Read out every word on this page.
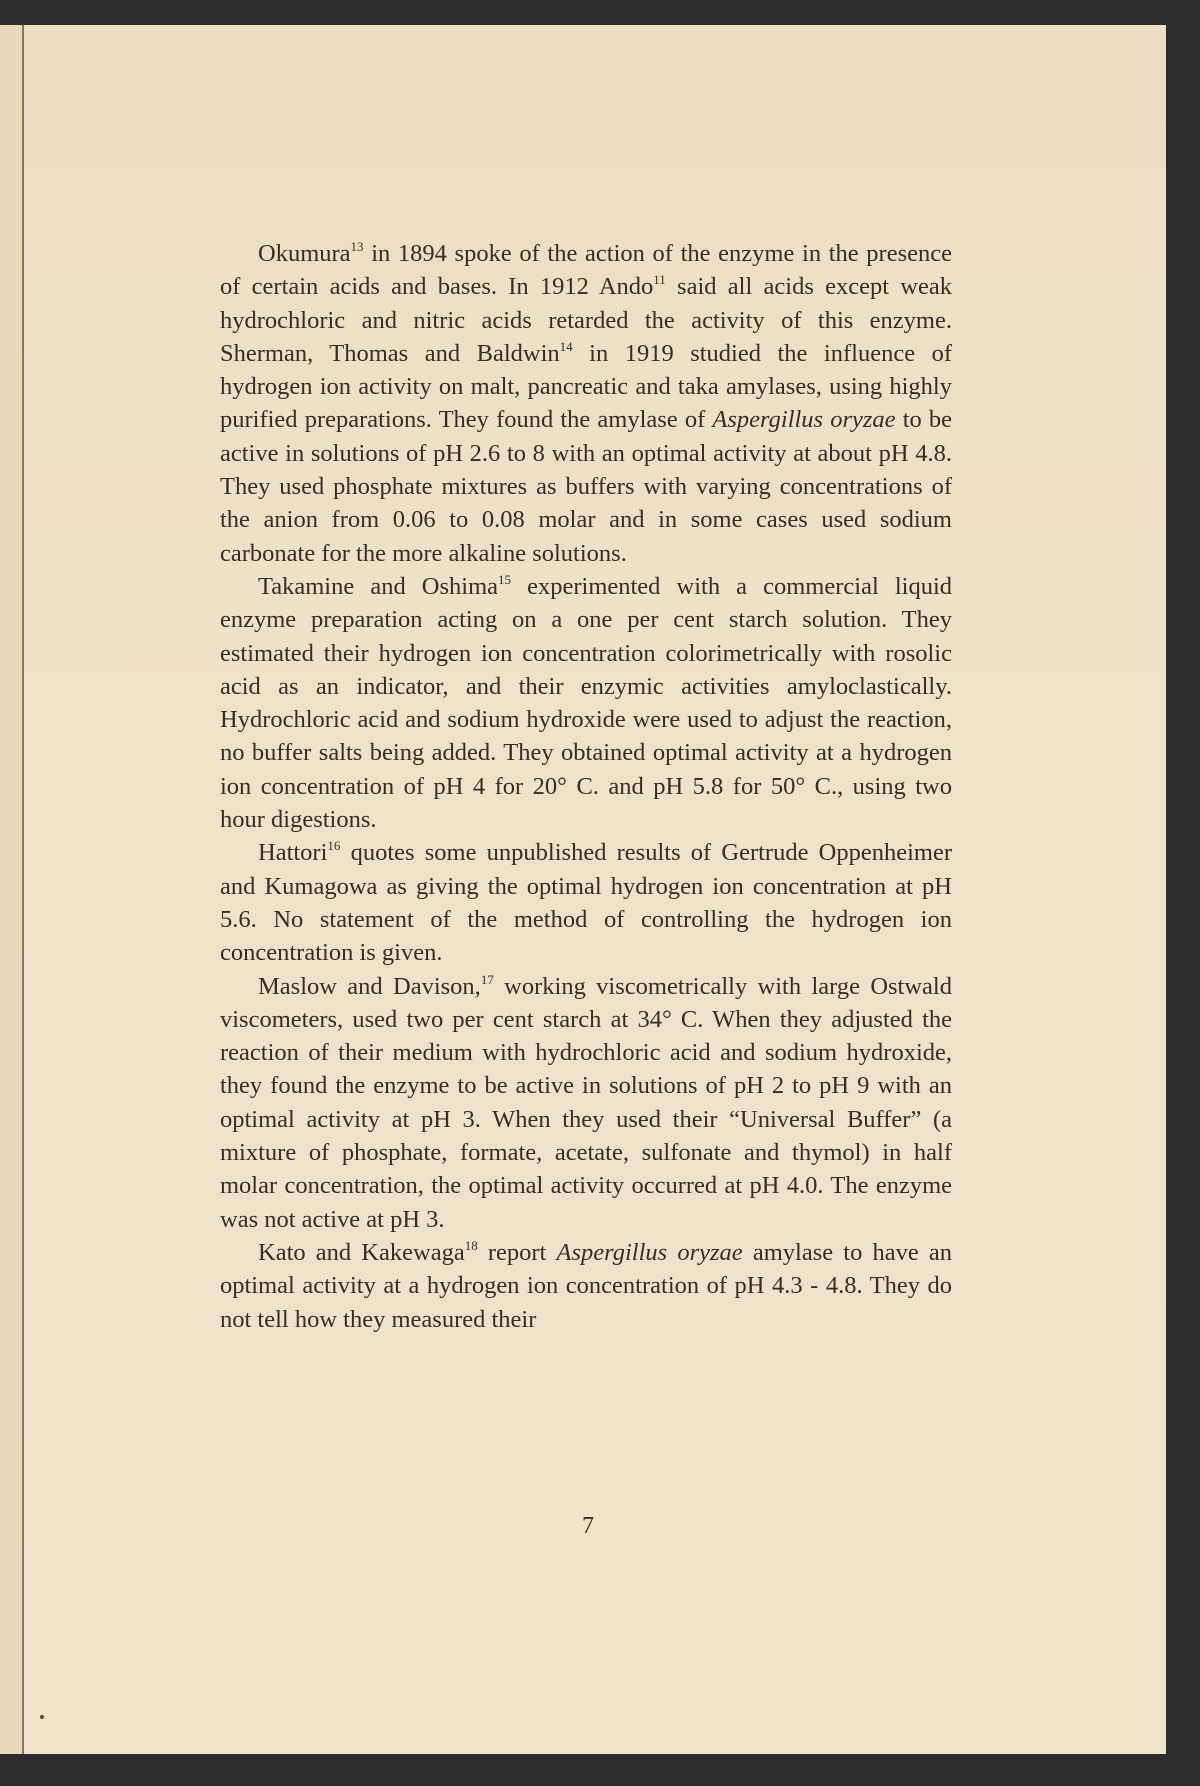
Okumura$^{13}$ in 1894 spoke of the action of the enzyme in the presence of certain acids and bases. In 1912 Ando$^{11}$ said all acids except weak hydrochloric and nitric acids retarded the activity of this enzyme. Sherman, Thomas and Baldwin$^{14}$ in 1919 studied the influence of hydrogen ion activity on malt, pancreatic and taka amylases, using highly purified preparations. They found the amylase of Aspergillus oryzae to be active in solutions of pH 2.6 to 8 with an optimal activity at about pH 4.8. They used phosphate mixtures as buffers with varying concentrations of the anion from 0.06 to 0.08 molar and in some cases used sodium carbonate for the more alkaline solutions.

Takamine and Oshima$^{15}$ experimented with a commercial liquid enzyme preparation acting on a one per cent starch solution. They estimated their hydrogen ion concentration colorimetrically with rosolic acid as an indicator, and their enzymic activities amyloclastically. Hydrochloric acid and sodium hydroxide were used to adjust the reaction, no buffer salts being added. They obtained optimal activity at a hydrogen ion concentration of pH 4 for 20° C. and pH 5.8 for 50° C., using two hour digestions.

Hattori$^{16}$ quotes some unpublished results of Gertrude Oppenheimer and Kumagowa as giving the optimal hydrogen ion concentration at pH 5.6. No statement of the method of controlling the hydrogen ion concentration is given.

Maslow and Davison,$^{17}$ working viscometrically with large Ostwald viscometers, used two per cent starch at 34° C. When they adjusted the reaction of their medium with hydrochloric acid and sodium hydroxide, they found the enzyme to be active in solutions of pH 2 to pH 9 with an optimal activity at pH 3. When they used their “Universal Buffer” (a mixture of phosphate, formate, acetate, sulfonate and thymol) in half molar concentration, the optimal activity occurred at pH 4.0. The enzyme was not active at pH 3.

Kato and Kakewaga$^{18}$ report Aspergillus oryzae amylase to have an optimal activity at a hydrogen ion concentration of pH 4.3 - 4.8. They do not tell how they measured their

7
